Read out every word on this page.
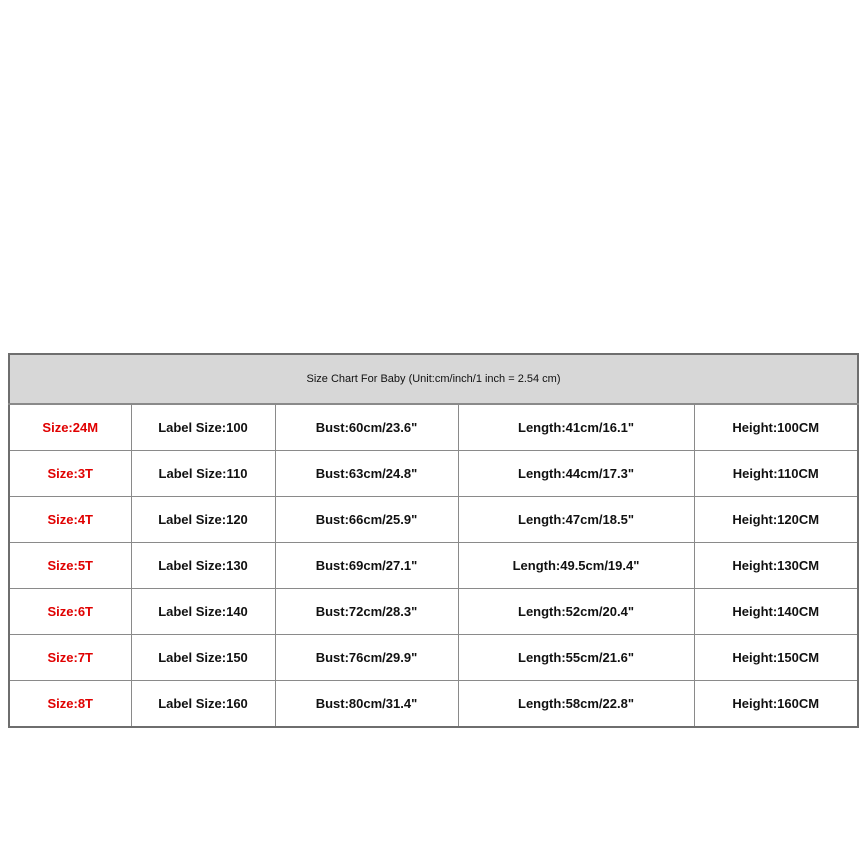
Size Chart For Baby (Unit:cm/inch/1 inch = 2.54 cm)				
Size:24M	Label Size:100	Bust:60cm/23.6"	Length:41cm/16.1"	Height:100CM
Size:3T	Label Size:110	Bust:63cm/24.8"	Length:44cm/17.3"	Height:110CM
Size:4T	Label Size:120	Bust:66cm/25.9"	Length:47cm/18.5"	Height:120CM
Size:5T	Label Size:130	Bust:69cm/27.1"	Length:49.5cm/19.4"	Height:130CM
Size:6T	Label Size:140	Bust:72cm/28.3"	Length:52cm/20.4"	Height:140CM
Size:7T	Label Size:150	Bust:76cm/29.9"	Length:55cm/21.6"	Height:150CM
Size:8T	Label Size:160	Bust:80cm/31.4"	Length:58cm/22.8"	Height:160CM
